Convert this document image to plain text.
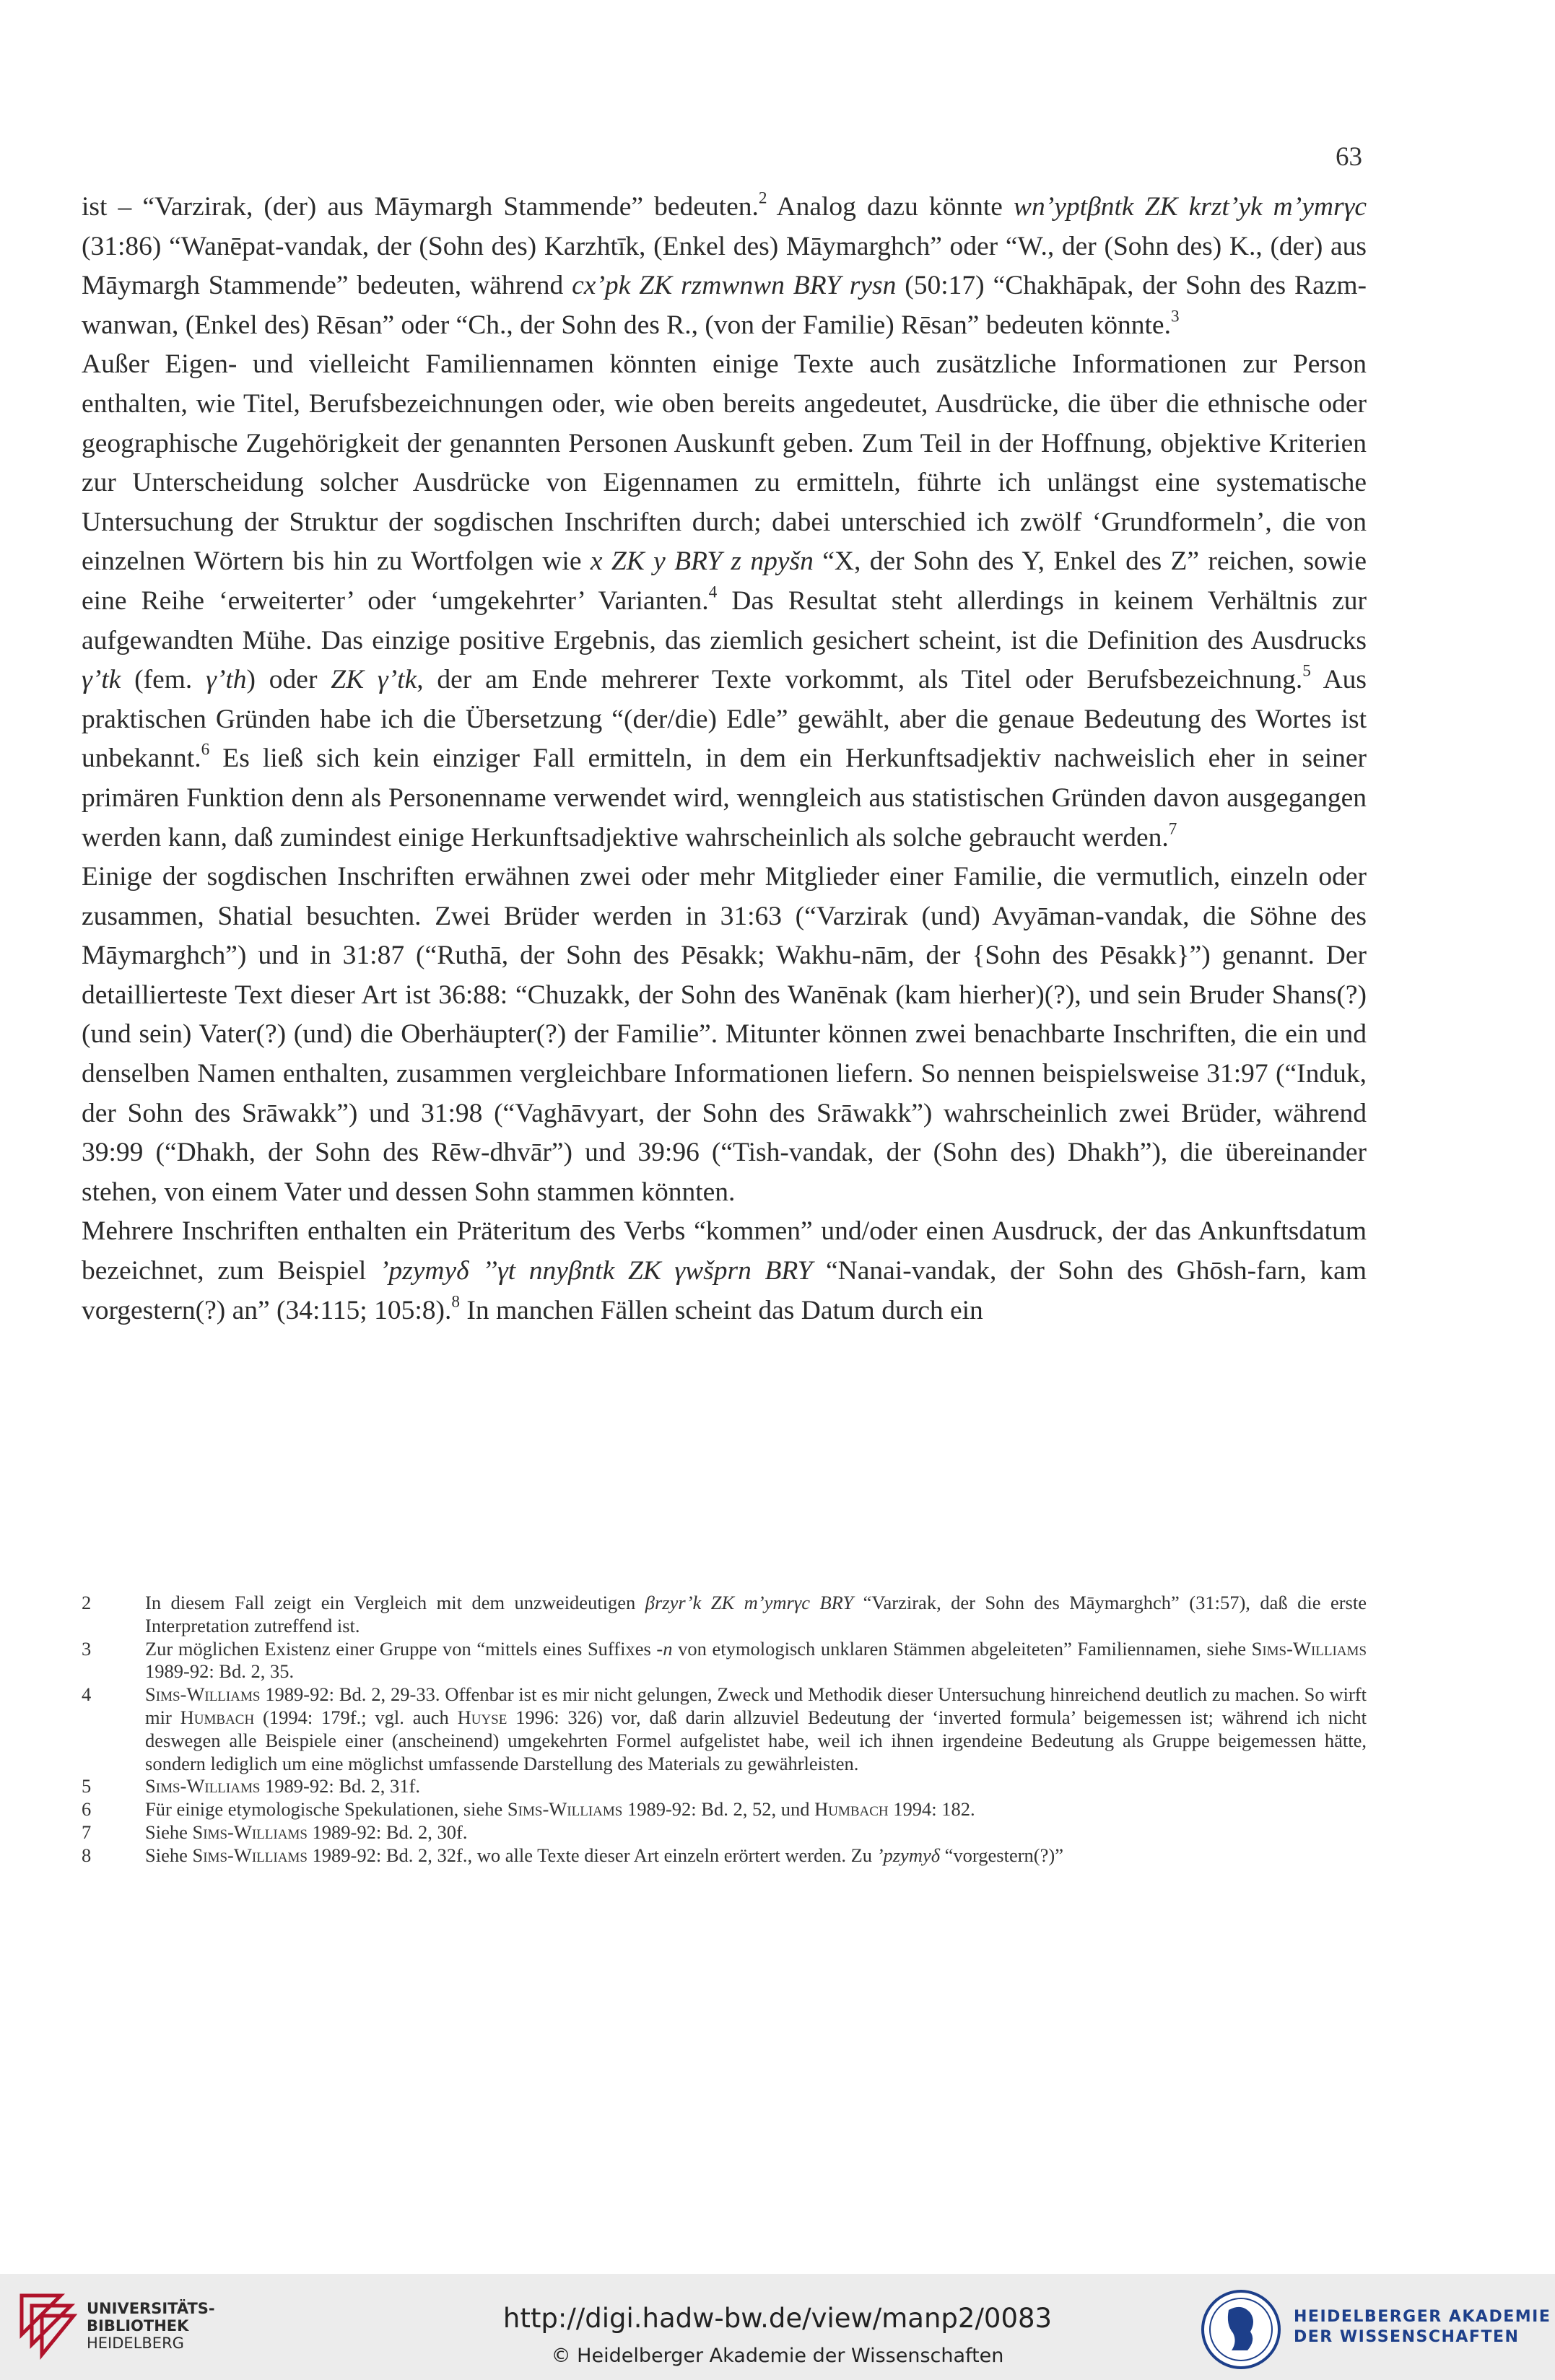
63

ist – “Varzirak, (der) aus Māymargh Stammende” bedeuten.$^2$ Analog dazu könnte wn’yptβntk ZK krzt’yk m’ymrγc (31:86) “Wanēpat-vandak, der (Sohn des) Karzhtīk, (Enkel des) Māymarghch” oder “W., der (Sohn des) K., (der) aus Māymargh Stammende” bedeuten, während cx’pk ZK rzmwnwn BRY rysn (50:17) “Chakhāpak, der Sohn des Razm-wanwan, (Enkel des) Rēsan” oder “Ch., der Sohn des R., (von der Familie) Rēsan” bedeuten könnte.$^3$

Außer Eigen- und vielleicht Familiennamen könnten einige Texte auch zusätzliche Informationen zur Person enthalten, wie Titel, Berufsbezeichnungen oder, wie oben bereits angedeutet, Ausdrücke, die über die ethnische oder geographische Zugehörigkeit der genannten Personen Auskunft geben. Zum Teil in der Hoffnung, objektive Kriterien zur Unterscheidung solcher Ausdrücke von Eigennamen zu ermitteln, führte ich unlängst eine systematische Untersuchung der Struktur der sogdischen Inschriften durch; dabei unterschied ich zwölf ‘Grundformeln’, die von einzelnen Wörtern bis hin zu Wortfolgen wie x ZK y BRY z npyšn “X, der Sohn des Y, Enkel des Z” reichen, sowie eine Reihe ‘erweiterter’ oder ‘umgekehrter’ Varianten.$^4$ Das Resultat steht allerdings in keinem Verhältnis zur aufgewandten Mühe. Das einzige positive Ergebnis, das ziemlich gesichert scheint, ist die Definition des Ausdrucks γ’tk (fem. γ’th) oder ZK γ’tk, der am Ende mehrerer Texte vorkommt, als Titel oder Berufsbezeichnung.$^5$ Aus praktischen Gründen habe ich die Übersetzung “(der/die) Edle” gewählt, aber die genaue Bedeutung des Wortes ist unbekannt.$^6$ Es ließ sich kein einziger Fall ermitteln, in dem ein Herkunftsadjektiv nachweislich eher in seiner primären Funktion denn als Personenname verwendet wird, wenngleich aus statistischen Gründen davon ausgegangen werden kann, daß zumindest einige Herkunftsadjektive wahrscheinlich als solche gebraucht werden.$^7$

Einige der sogdischen Inschriften erwähnen zwei oder mehr Mitglieder einer Familie, die vermutlich, einzeln oder zusammen, Shatial besuchten. Zwei Brüder werden in 31:63 (“Varzirak (und) Avyāman-vandak, die Söhne des Māymarghch”) und in 31:87 (“Ruthā, der Sohn des Pēsakk; Wakhu-nām, der {Sohn des Pēsakk}”) genannt. Der detaillierteste Text dieser Art ist 36:88: “Chuzakk, der Sohn des Wanēnak (kam hierher)(?), und sein Bruder Shans(?) (und sein) Vater(?) (und) die Oberhäupter(?) der Familie”. Mitunter können zwei benachbarte Inschriften, die ein und denselben Namen enthalten, zusammen vergleichbare Informationen liefern. So nennen beispielsweise 31:97 (“Induk, der Sohn des Srāwakk”) und 31:98 (“Vaghāvyart, der Sohn des Srāwakk”) wahrscheinlich zwei Brüder, während 39:99 (“Dhakh, der Sohn des Rēw-dhvār”) und 39:96 (“Tish-vandak, der (Sohn des) Dhakh”), die übereinander stehen, von einem Vater und dessen Sohn stammen könnten.

Mehrere Inschriften enthalten ein Präteritum des Verbs “kommen” und/oder einen Ausdruck, der das Ankunftsdatum bezeichnet, zum Beispiel ’pzymyδ ’’γt nnyβntk ZK γwšprn BRY “Nanai-vandak, der Sohn des Ghōsh-farn, kam vorgestern(?) an” (34:115; 105:8).$^8$ In manchen Fällen scheint das Datum durch ein

2	In diesem Fall zeigt ein Vergleich mit dem unzweideutigen βrzyr’k ZK m’ymrγc BRY “Varzirak, der Sohn des Māymarghch” (31:57), daß die erste Interpretation zutreffend ist.
3	Zur möglichen Existenz einer Gruppe von “mittels eines Suffixes -n von etymologisch unklaren Stämmen abgeleiteten” Familiennamen, siehe Sims-Williams 1989-92: Bd. 2, 35.
4	Sims-Williams 1989-92: Bd. 2, 29-33. Offenbar ist es mir nicht gelungen, Zweck und Methodik dieser Untersuchung hinreichend deutlich zu machen. So wirft mir Humbach (1994: 179f.; vgl. auch Huyse 1996: 326) vor, daß darin allzuviel Bedeutung der ‘inverted formula’ beigemessen ist; während ich nicht deswegen alle Beispiele einer (anscheinend) umgekehrten Formel aufgelistet habe, weil ich ihnen irgendeine Bedeutung als Gruppe beigemessen hätte, sondern lediglich um eine möglichst umfassende Darstellung des Materials zu gewährleisten.
5	Sims-Williams 1989-92: Bd. 2, 31f.
6	Für einige etymologische Spekulationen, siehe Sims-Williams 1989-92: Bd. 2, 52, und Humbach 1994: 182.
7	Siehe Sims-Williams 1989-92: Bd. 2, 30f.
8	Siehe Sims-Williams 1989-92: Bd. 2, 32f., wo alle Texte dieser Art einzeln erörtert werden. Zu ’pzymyδ “vorgestern(?)”
UNIVERSITÄTS-
BIBLIOTHEK
HEIDELBERG
http://digi.hadw-bw.de/view/manp2/0083
© Heidelberger Akademie der Wissenschaften
HEIDELBERGER AKADEMIE
DER WISSENSCHAFTEN
